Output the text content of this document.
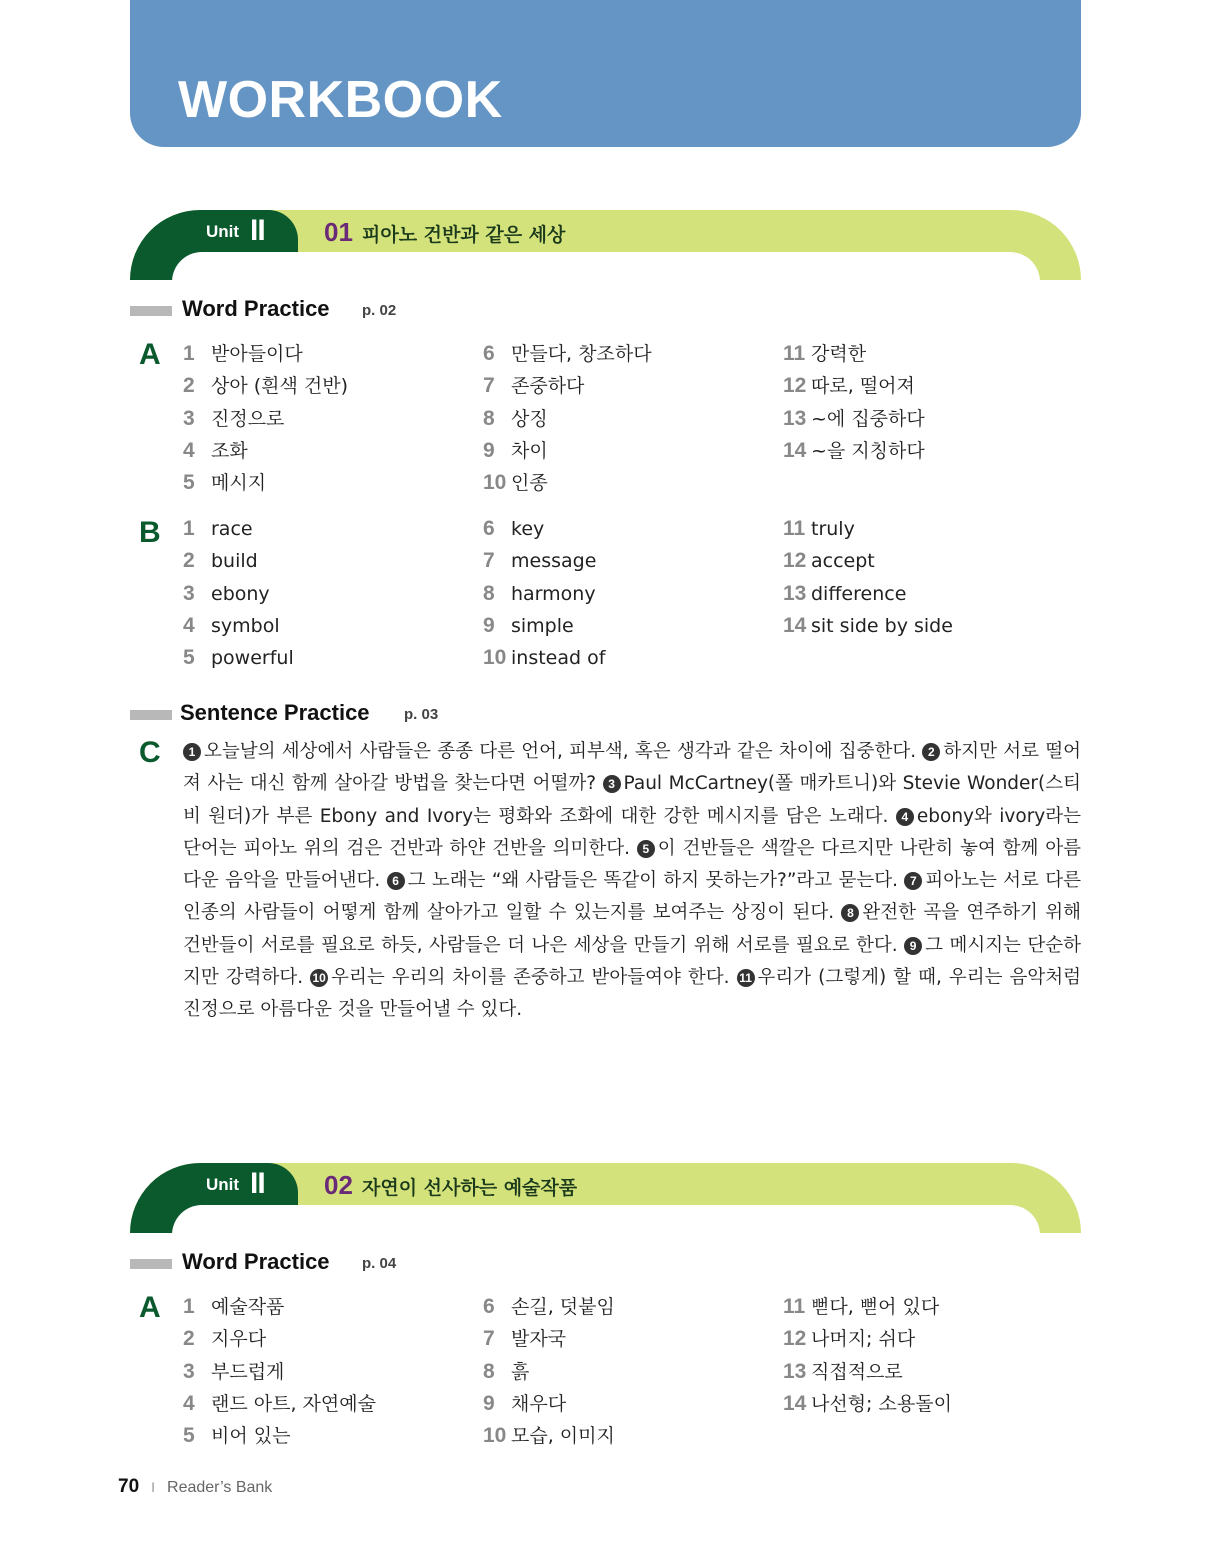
WORKBOOK
Unit II 01 피아노 건반과 같은 세상
Word Practice p. 02
A 1 받아들이다
2 상아 (흰색 건반)
3 진정으로
4 조화
5 메시지
6 만들다, 창조하다
7 존중하다
8 상징
9 차이
10 인종
11 강력한
12 따로, 떨어져
13 ~에 집중하다
14 ~을 지칭하다
B 1 race
2 build
3 ebony
4 symbol
5 powerful
6 key
7 message
8 harmony
9 simple
10 instead of
11 truly
12 accept
13 difference
14 sit side by side
Sentence Practice p. 03
C	1 오늘날의 세상에서 사람들은 종종 다른 언어, 피부색, 혹은 생각과 같은 차이에 집중한다. 2 하지만 서로 떨어져 사는 대신 함께 살아갈 방법을 찾는다면 어떨까? 3 Paul McCartney(폴 매카트니)와 Stevie Wonder(스티비 원더)가 부른 Ebony and Ivory는 평화와 조화에 대한 강한 메시지를 담은 노래다. 4 ebony와 ivory라는 단어는 피아노 위의 검은 건반과 하얀 건반을 의미한다. 5 이 건반들은 색깔은 다르지만 나란히 놓여 함께 아름다운 음악을 만들어낸다. 6 그 노래는 “왜 사람들은 똑같이 하지 못하는가?”라고 묻는다. 7 피아노는 서로 다른 인종의 사람들이 어떻게 함께 살아가고 일할 수 있는지를 보여주는 상징이 된다. 8 완전한 곡을 연주하기 위해 건반들이 서로를 필요로 하듯, 사람들은 더 나은 세상을 만들기 위해 서로를 필요로 한다. 9 그 메시지는 단순하지만 강력하다. 10 우리는 우리의 차이를 존중하고 받아들여야 한다. 11 우리가 (그렇게) 할 때, 우리는 음악처럼 진정으로 아름다운 것을 만들어낼 수 있다.
Unit II 02 자연이 선사하는 예술작품
Word Practice p. 04
A 1 예술작품
2 지우다
3 부드럽게
4 랜드 아트, 자연예술
5 비어 있는
6 손길, 덧붙임
7 발자국
8 흙
9 채우다
10 모습, 이미지
11 뻗다, 뻗어 있다
12 나머지; 쉬다
13 직접적으로
14 나선형; 소용돌이
70 I Reader’s Bank
